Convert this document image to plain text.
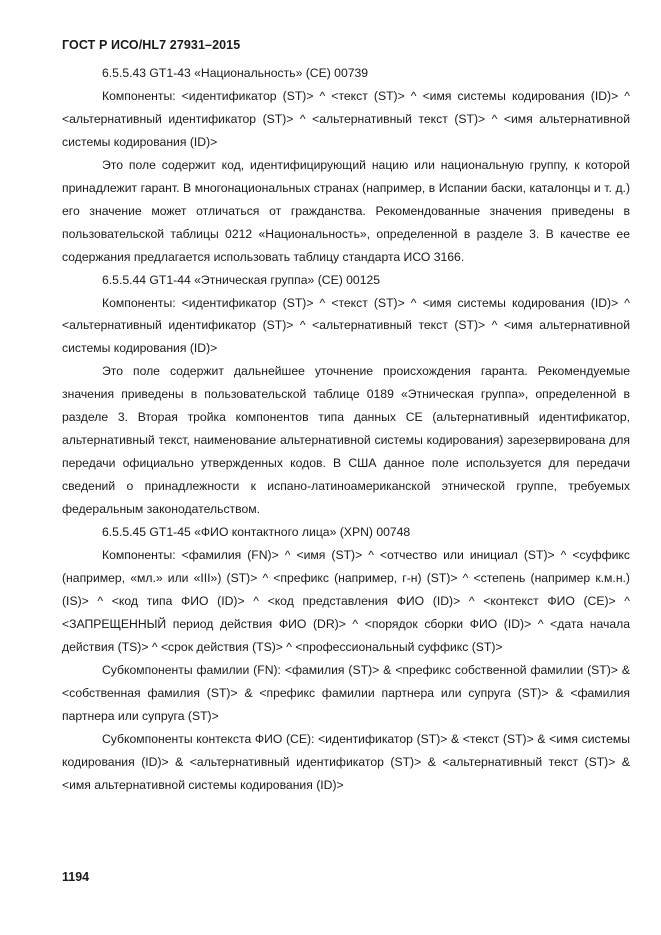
ГОСТ Р ИСО/HL7 27931–2015

6.5.5.43 GT1-43 «Национальность» (CE) 00739

Компоненты: <идентификатор (ST)> ^ <текст (ST)> ^ <имя системы кодирования (ID)> ^ <альтернативный идентификатор (ST)> ^ <альтернативный текст (ST)> ^ <имя альтернативной системы кодирования (ID)>

Это поле содержит код, идентифицирующий нацию или национальную группу, к которой принадлежит гарант. В многонациональных странах (например, в Испании баски, каталонцы и т. д.) его значение может отличаться от гражданства. Рекомендованные значения приведены в пользовательской таблицы 0212 «Национальность», определенной в разделе 3. В качестве ее содержания предлагается использовать таблицу стандарта ИСО 3166.

6.5.5.44 GT1-44 «Этническая группа» (CE) 00125

Компоненты: <идентификатор (ST)> ^ <текст (ST)> ^ <имя системы кодирования (ID)> ^ <альтернативный идентификатор (ST)> ^ <альтернативный текст (ST)> ^ <имя альтернативной системы кодирования (ID)>

Это поле содержит дальнейшее уточнение происхождения гаранта. Рекомендуемые значения приведены в пользовательской таблице 0189 «Этническая группа», определенной в разделе 3. Вторая тройка компонентов типа данных CE (альтернативный идентификатор, альтернативный текст, наименование альтернативной системы кодирования) зарезервирована для передачи официально утвержденных кодов. В США данное поле используется для передачи сведений о принадлежности к испано-латиноамериканской этнической группе, требуемых федеральным законодательством.

6.5.5.45 GT1-45 «ФИО контактного лица» (XPN) 00748

Компоненты: <фамилия (FN)> ^ <имя (ST)> ^ <отчество или инициал (ST)> ^ <суффикс (например, «мл.» или «III») (ST)> ^ <префикс (например, г-н) (ST)> ^ <степень (например к.м.н.) (IS)> ^ <код типа ФИО (ID)> ^ <код представления ФИО (ID)> ^ <контекст ФИО (CE)> ^ <ЗАПРЕЩЕННЫЙ период действия ФИО (DR)> ^ <порядок сборки ФИО (ID)> ^ <дата начала действия (TS)> ^ <срок действия (TS)> ^ <профессиональный суффикс (ST)>

Субкомпоненты фамилии (FN): <фамилия (ST)> & <префикс собственной фамилии (ST)> & <собственная фамилия (ST)> & <префикс фамилии партнера или супруга (ST)> & <фамилия партнера или супруга (ST)>

Субкомпоненты контекста ФИО (CE): <идентификатор (ST)> & <текст (ST)> & <имя системы кодирования (ID)> & <альтернативный идентификатор (ST)> & <альтернативный текст (ST)> & <имя альтернативной системы кодирования (ID)>

1194
